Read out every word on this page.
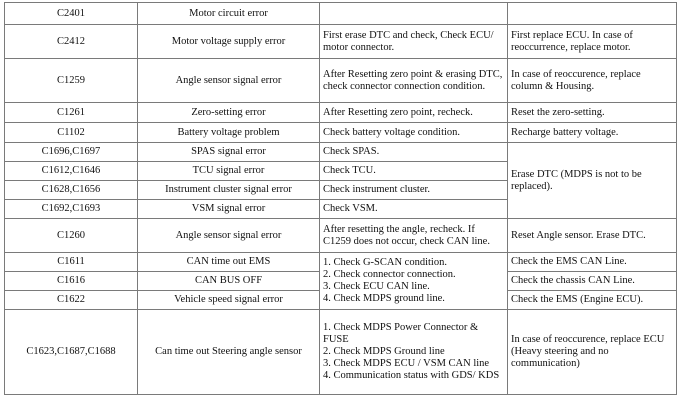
C2401	Motor circuit error		
C2412	Motor voltage supply error	First erase DTC and check, Check ECU/ motor connector.	First replace ECU. In case of reoccurrence, replace motor.
C1259	Angle sensor signal error	After Resetting zero point & erasing DTC, check connector connection condition.	In case of reoccurence, replace column & Housing.
C1261	Zero-setting error	After Resetting zero point, recheck.	Reset the zero-setting.
C1102	Battery voltage problem	Check battery voltage condition.	Recharge battery voltage.
C1696,C1697	SPAS signal error	Check SPAS.	Erase DTC (MDPS is not to be replaced).
C1612,C1646	TCU signal error	Check TCU.	
C1628,C1656	Instrument cluster signal error	Check instrument cluster.	
C1692,C1693	VSM signal error	Check VSM.	
C1260	Angle sensor signal error	After resetting the angle, recheck. If C1259 does not occur, check CAN line.	Reset Angle sensor. Erase DTC.
C1611	CAN time out EMS	1. Check G-SCAN condition.
2. Check connector connection.
3. Check ECU CAN line.
4. Check MDPS ground line.	Check the EMS CAN Line.
C1616	CAN BUS OFF		Check the chassis CAN Line.
C1622	Vehicle speed signal error		Check the EMS (Engine ECU).
C1623,C1687,C1688	Can time out Steering angle sensor	1. Check MDPS Power Connector & FUSE
2. Check MDPS Ground line
3. Check MDPS ECU / VSM CAN line
4. Communication status with GDS/ KDS	In case of reoccurence, replace ECU
(Heavy steering and no communication)
